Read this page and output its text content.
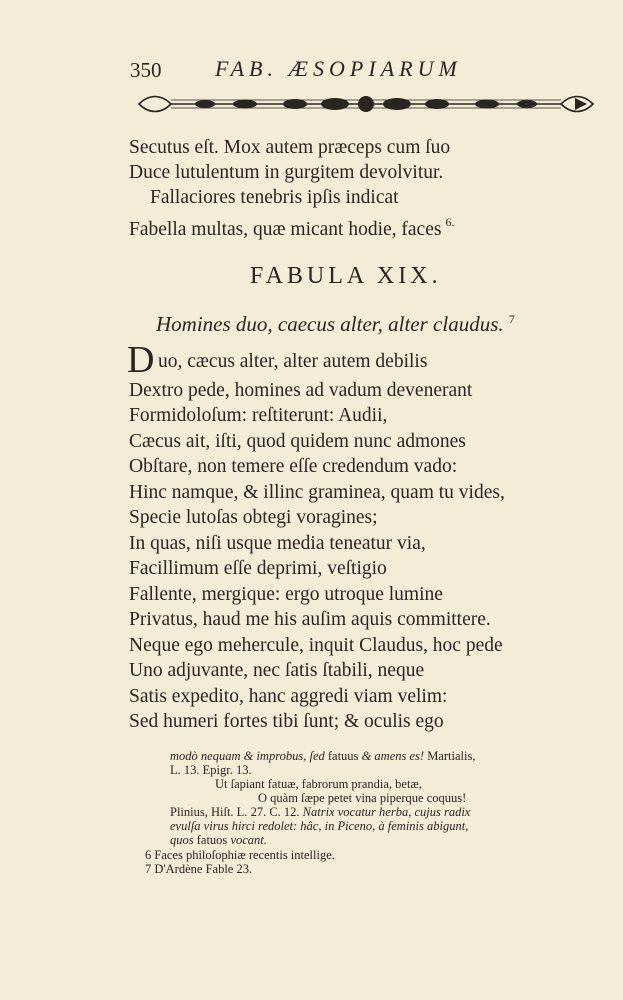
350 FAB. ÆSOPIARUM
Secutus eſt. Mox autem præceps cum ſuo
Duce lutulentum in gurgitem devolvitur.
Fallaciores tenebris ipſis indicat
Fabella multas, quæ micant hodie, faces $^{6.}$
FABULA XIX.
Homines duo, caecus alter, alter claudus. $^7$
D uo, cæcus alter, alter autem debilis
Dextro pede, homines ad vadum devenerant
Formidoloſum: reſtiterunt: Audii,
Cæcus ait, iſti, quod quidem nunc admones
Obſtare, non temere eſſe credendum vado:
Hinc namque, & illinc graminea, quam tu vides,
Specie lutoſas obtegi voragines;
In quas, niſi usque media teneatur via,
Facillimum eſſe deprimi, veſtigio
Fallente, mergique: ergo utroque lumine
Privatus, haud me his auſim aquis committere.
Neque ego mehercule, inquit Claudus, hoc pede
Uno adjuvante, nec ſatis ſtabili, neque
Satis expedito, hanc aggredi viam velim:
Sed humeri fortes tibi ſunt; & oculis ego
modò nequam & improbus, ſed fatuus & amens es! Martialis,
L. 13. Epigr. 13.
Ut ſapiant fatuæ, fabrorum prandia, betæ,
O quàm ſæpe petet vina piperque coquus!
Plinius, Hiſt. L. 27. C. 12. Natrix vocatur herba, cujus radix
evulſa virus hirci redolet: hâc, in Piceno, à feminis abigunt,
quos fatuos vocant.
6 Faces philoſophiæ recentis intellige.
7 D'Ardène Fable 23.
